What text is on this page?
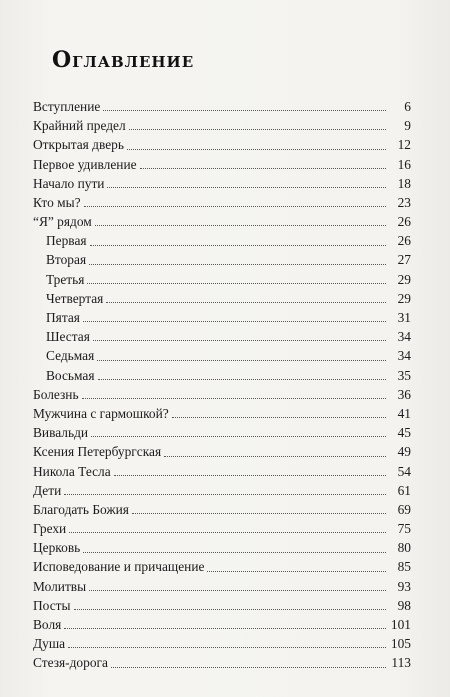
Оглавление
Вступление	6
Крайний предел	9
Открытая дверь	12
Первое удивление	16
Начало пути	18
Кто мы?	23
“Я” рядом	26
Первая	26
Вторая	27
Третья	29
Четвертая	29
Пятая	31
Шестая	34
Седьмая	34
Восьмая	35
Болезнь	36
Мужчина с гармошкой?	41
Вивальди	45
Ксения Петербургская	49
Никола Тесла	54
Дети	61
Благодать Божия	69
Грехи	75
Церковь	80
Исповедование и причащение	85
Молитвы	93
Посты	98
Воля	101
Душа	105
Стезя-дорога	113
